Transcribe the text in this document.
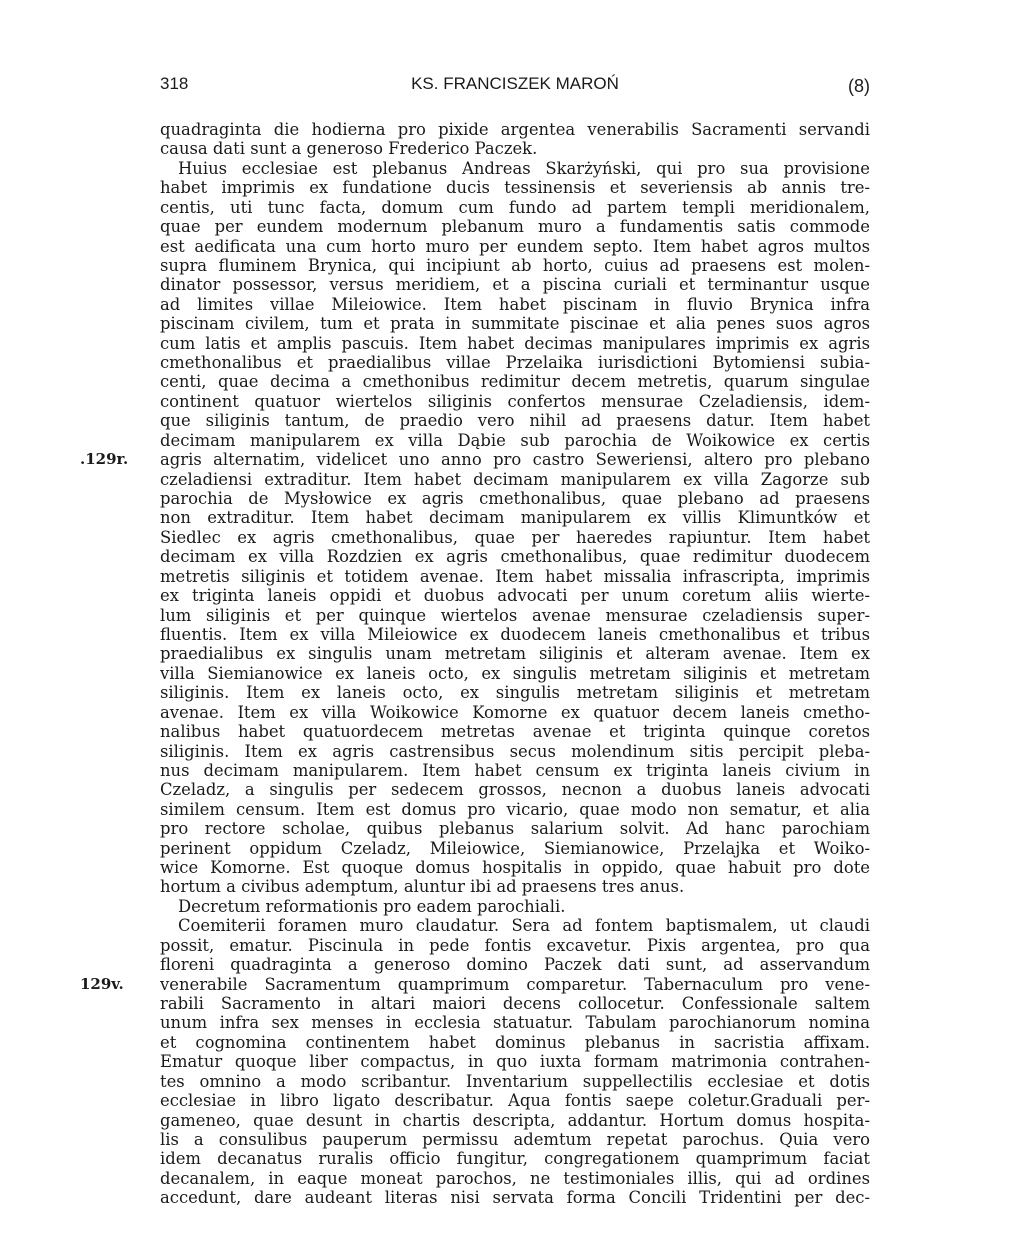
318	KS. FRANCISZEK MAROŃ	(8)
quadraginta die hodierna pro pixide argentea venerabilis Sacramenti servandi
causa dati sunt a generoso Frederico Paczek.
Huius ecclesiae est plebanus Andreas Skarżyński, qui pro sua provisione
habet imprimis ex fundatione ducis tessinensis et severiensis ab annis tre-
centis, uti tunc facta, domum cum fundo ad partem templi meridionalem,
quae per eundem modernum plebanum muro a fundamentis satis commode
est aedificata una cum horto muro per eundem septo. Item habet agros multos
supra fluminem Brynica, qui incipiunt ab horto, cuius ad praesens est molen-
dinator possessor, versus meridiem, et a piscina curiali et terminantur usque
ad limites villae Mileiowice. Item habet piscinam in fluvio Brynica infra
piscinam civilem, tum et prata in summitate piscinae et alia penes suos agros
cum latis et amplis pascuis. Item habet decimas manipulares imprimis ex agris
cmethonalibus et praedialibus villae Przelaika iurisdictioni Bytomiensi subia-
centi, quae decima a cmethonibus redimitur decem metretis, quarum singulae
continent quatuor wiertelos siliginis confertos mensurae Czeladiensis, idem-
que siliginis tantum, de praedio vero nihil ad praesens datur. Item habet
decimam manipularem ex villa Dąbie sub parochia de Woikowice ex certis
agris alternatim, videlicet uno anno pro castro Seweriensi, altero pro plebano
czeladiensi extraditur. Item habet decimam manipularem ex villa Zagorze sub
parochia de Mysłowice ex agris cmethonalibus, quae plebano ad praesens
non extraditur. Item habet decimam manipularem ex villis Klimuntków et
Siedlec ex agris cmethonalibus, quae per haeredes rapiuntur. Item habet
decimam ex villa Rozdzien ex agris cmethonalibus, quae redimitur duodecem
metretis siliginis et totidem avenae. Item habet missalia infrascripta, imprimis
ex triginta laneis oppidi et duobus advocati per unum coretum aliis wierte-
lum siliginis et per quinque wiertelos avenae mensurae czeladiensis super-
fluentis. Item ex villa Mileiowice ex duodecem laneis cmethonalibus et tribus
praedialibus ex singulis unam metretam siliginis et alteram avenae. Item ex
villa Siemianowice ex laneis octo, ex singulis metretam siliginis et metretam
siliginis. Item ex laneis octo, ex singulis metretam siliginis et metretam
avenae. Item ex villa Woikowice Komorne ex quatuor decem laneis cmetho-
nalibus habet quatuordecem metretas avenae et triginta quinque coretos
siliginis. Item ex agris castrensibus secus molendinum sitis percipit pleba-
nus decimam manipularem. Item habet censum ex triginta laneis civium in
Czeladz, a singulis per sedecem grossos, necnon a duobus laneis advocati
similem censum. Item est domus pro vicario, quae modo non sematur, et alia
pro rectore scholae, quibus plebanus salarium solvit. Ad hanc parochiam
perinent oppidum Czeladz, Mileiowice, Siemianowice, Przelajka et Woiko-
wice Komorne. Est quoque domus hospitalis in oppido, quae habuit pro dote
hortum a civibus ademptum, aluntur ibi ad praesens tres anus.
Decretum reformationis pro eadem parochiali.
Coemiterii foramen muro claudatur. Sera ad fontem baptismalem, ut claudi
possit, ematur. Piscinula in pede fontis excavetur. Pixis argentea, pro qua
floreni quadraginta a generoso domino Paczek dati sunt, ad asservandum
venerabile Sacramentum quamprimum comparetur. Tabernaculum pro vene-
rabili Sacramento in altari maiori decens collocetur. Confessionale saltem
unum infra sex menses in ecclesia statuatur. Tabulam parochianorum nomina
et cognomina continentem habet dominus plebanus in sacristia affixam.
Ematur quoque liber compactus, in quo iuxta formam matrimonia contrahen-
tes omnino a modo scribantur. Inventarium suppellectilis ecclesiae et dotis
ecclesiae in libro ligato describatur. Aqua fontis saepe coletur.Graduali per-
gameneo, quae desunt in chartis descripta, addantur. Hortum domus hospita-
lis a consulibus pauperum permissu ademtum repetat parochus. Quia vero
idem decanatus ruralis officio fungitur, congregationem quamprimum faciat
decanalem, in eaque moneat parochos, ne testimoniales illis, qui ad ordines
accedunt, dare audeant literas nisi servata forma Concili Tridentini per dec-
.129r.
129v.
